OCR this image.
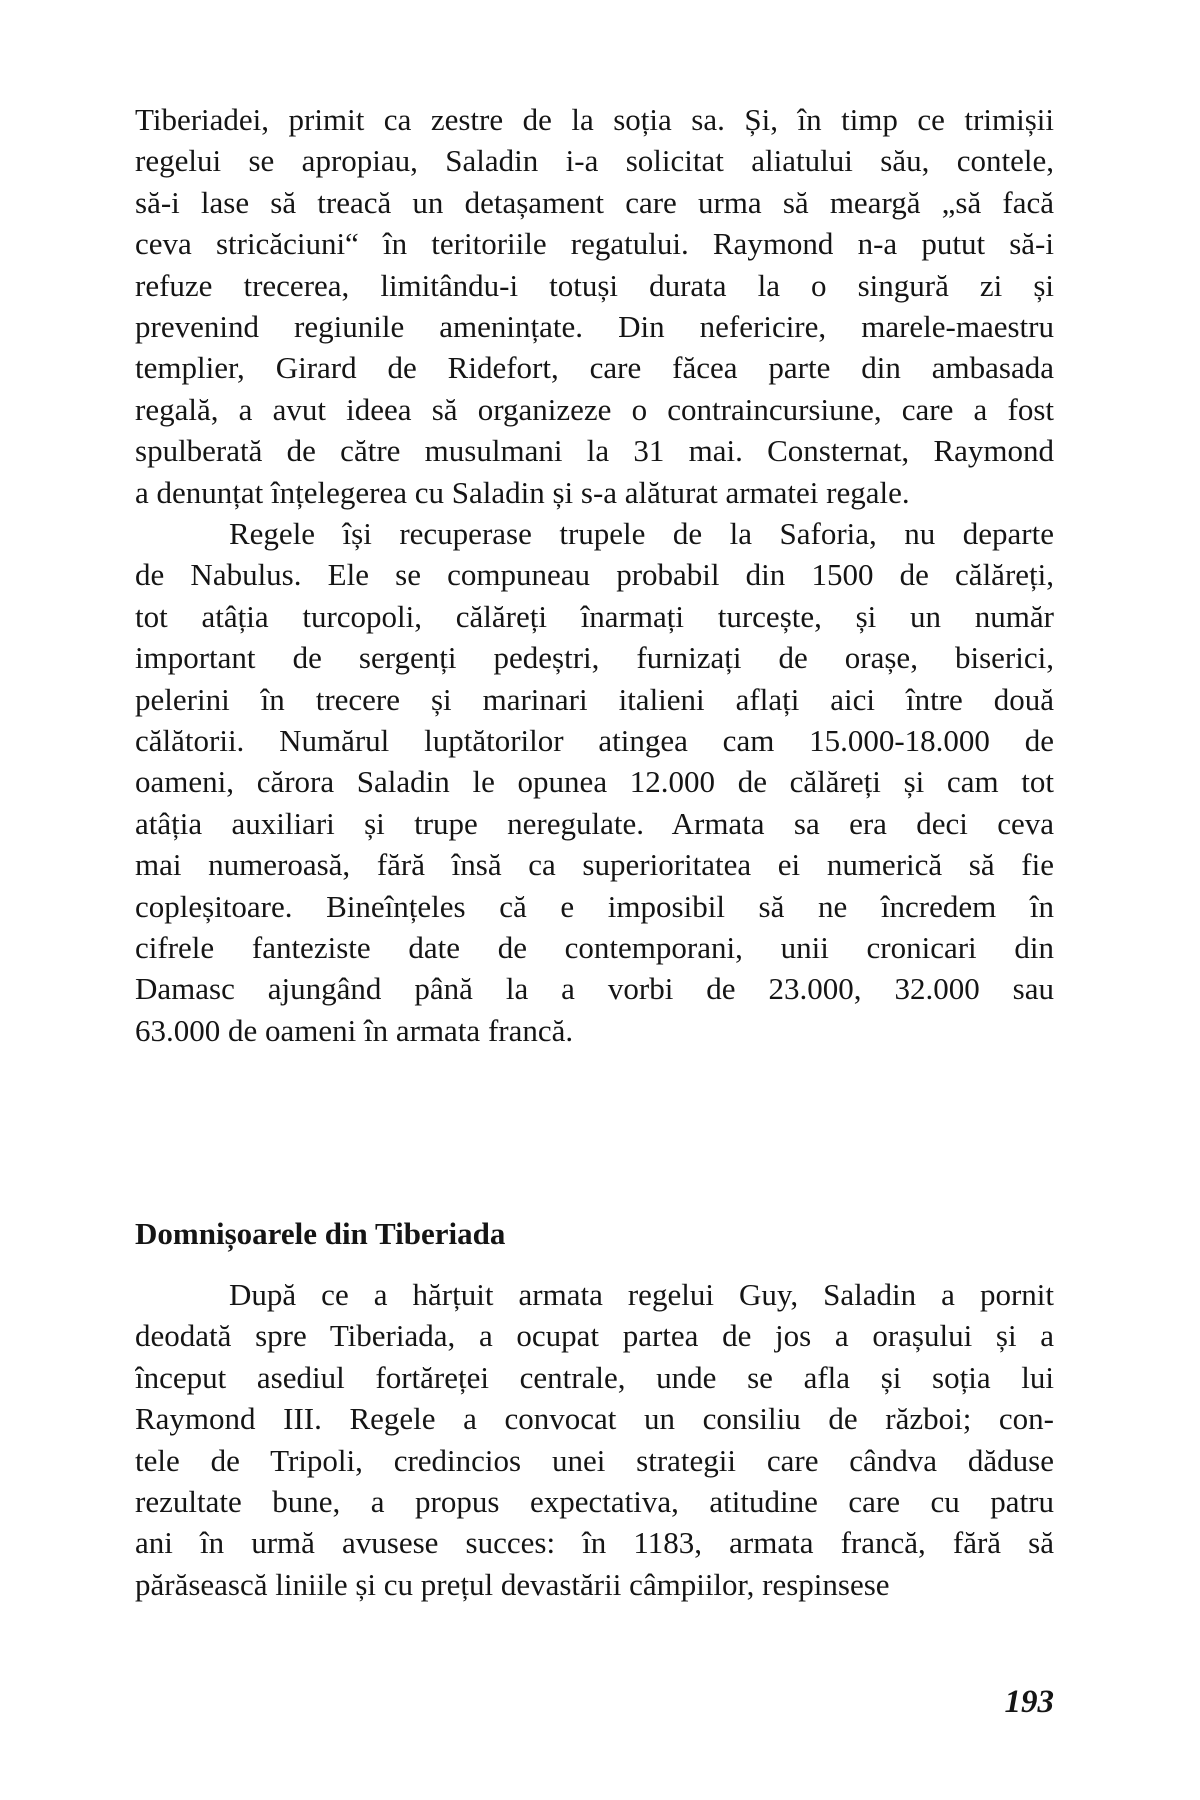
Tiberiadei, primit ca zestre de la soția sa. Și, în timp ce trimișii
regelui se apropiau, Saladin i-a solicitat aliatului său, contele,
să-i lase să treacă un detașament care urma să meargă „să facă
ceva stricăciuni“ în teritoriile regatului. Raymond n-a putut să-i
refuze trecerea, limitându-i totuși durata la o singură zi și
prevenind regiunile amenințate. Din nefericire, marele-maestru
templier, Girard de Ridefort, care făcea parte din ambasada
regală, a avut ideea să organizeze o contraincursiune, care a fost
spulberată de către musulmani la 31 mai. Consternat, Raymond
a denunțat înțelegerea cu Saladin și s-a alăturat armatei regale.
Regele își recuperase trupele de la Saforia, nu departe
de Nabulus. Ele se compuneau probabil din 1500 de călăreți,
tot atâția turcopoli, călăreți înarmați turcește, și un număr
important de sergenți pedeștri, furnizați de orașe, biserici,
pelerini în trecere și marinari italieni aflați aici între două
călătorii. Numărul luptătorilor atingea cam 15.000-18.000 de
oameni, cărora Saladin le opunea 12.000 de călăreți și cam tot
atâția auxiliari și trupe neregulate. Armata sa era deci ceva
mai numeroasă, fără însă ca superioritatea ei numerică să fie
copleșitoare. Bineînțeles că e imposibil să ne încredem în
cifrele fanteziste date de contemporani, unii cronicari din
Damasc ajungând până la a vorbi de 23.000, 32.000 sau
63.000 de oameni în armata francă.
Domnișoarele din Tiberiada
După ce a hărțuit armata regelui Guy, Saladin a pornit
deodată spre Tiberiada, a ocupat partea de jos a orașului și a
început asediul fortăreței centrale, unde se afla și soția lui
Raymond III. Regele a convocat un consiliu de război; con-
tele de Tripoli, credincios unei strategii care cândva dăduse
rezultate bune, a propus expectativa, atitudine care cu patru
ani în urmă avusese succes: în 1183, armata francă, fără să
părăsească liniile și cu prețul devastării câmpiilor, respinsese
193
